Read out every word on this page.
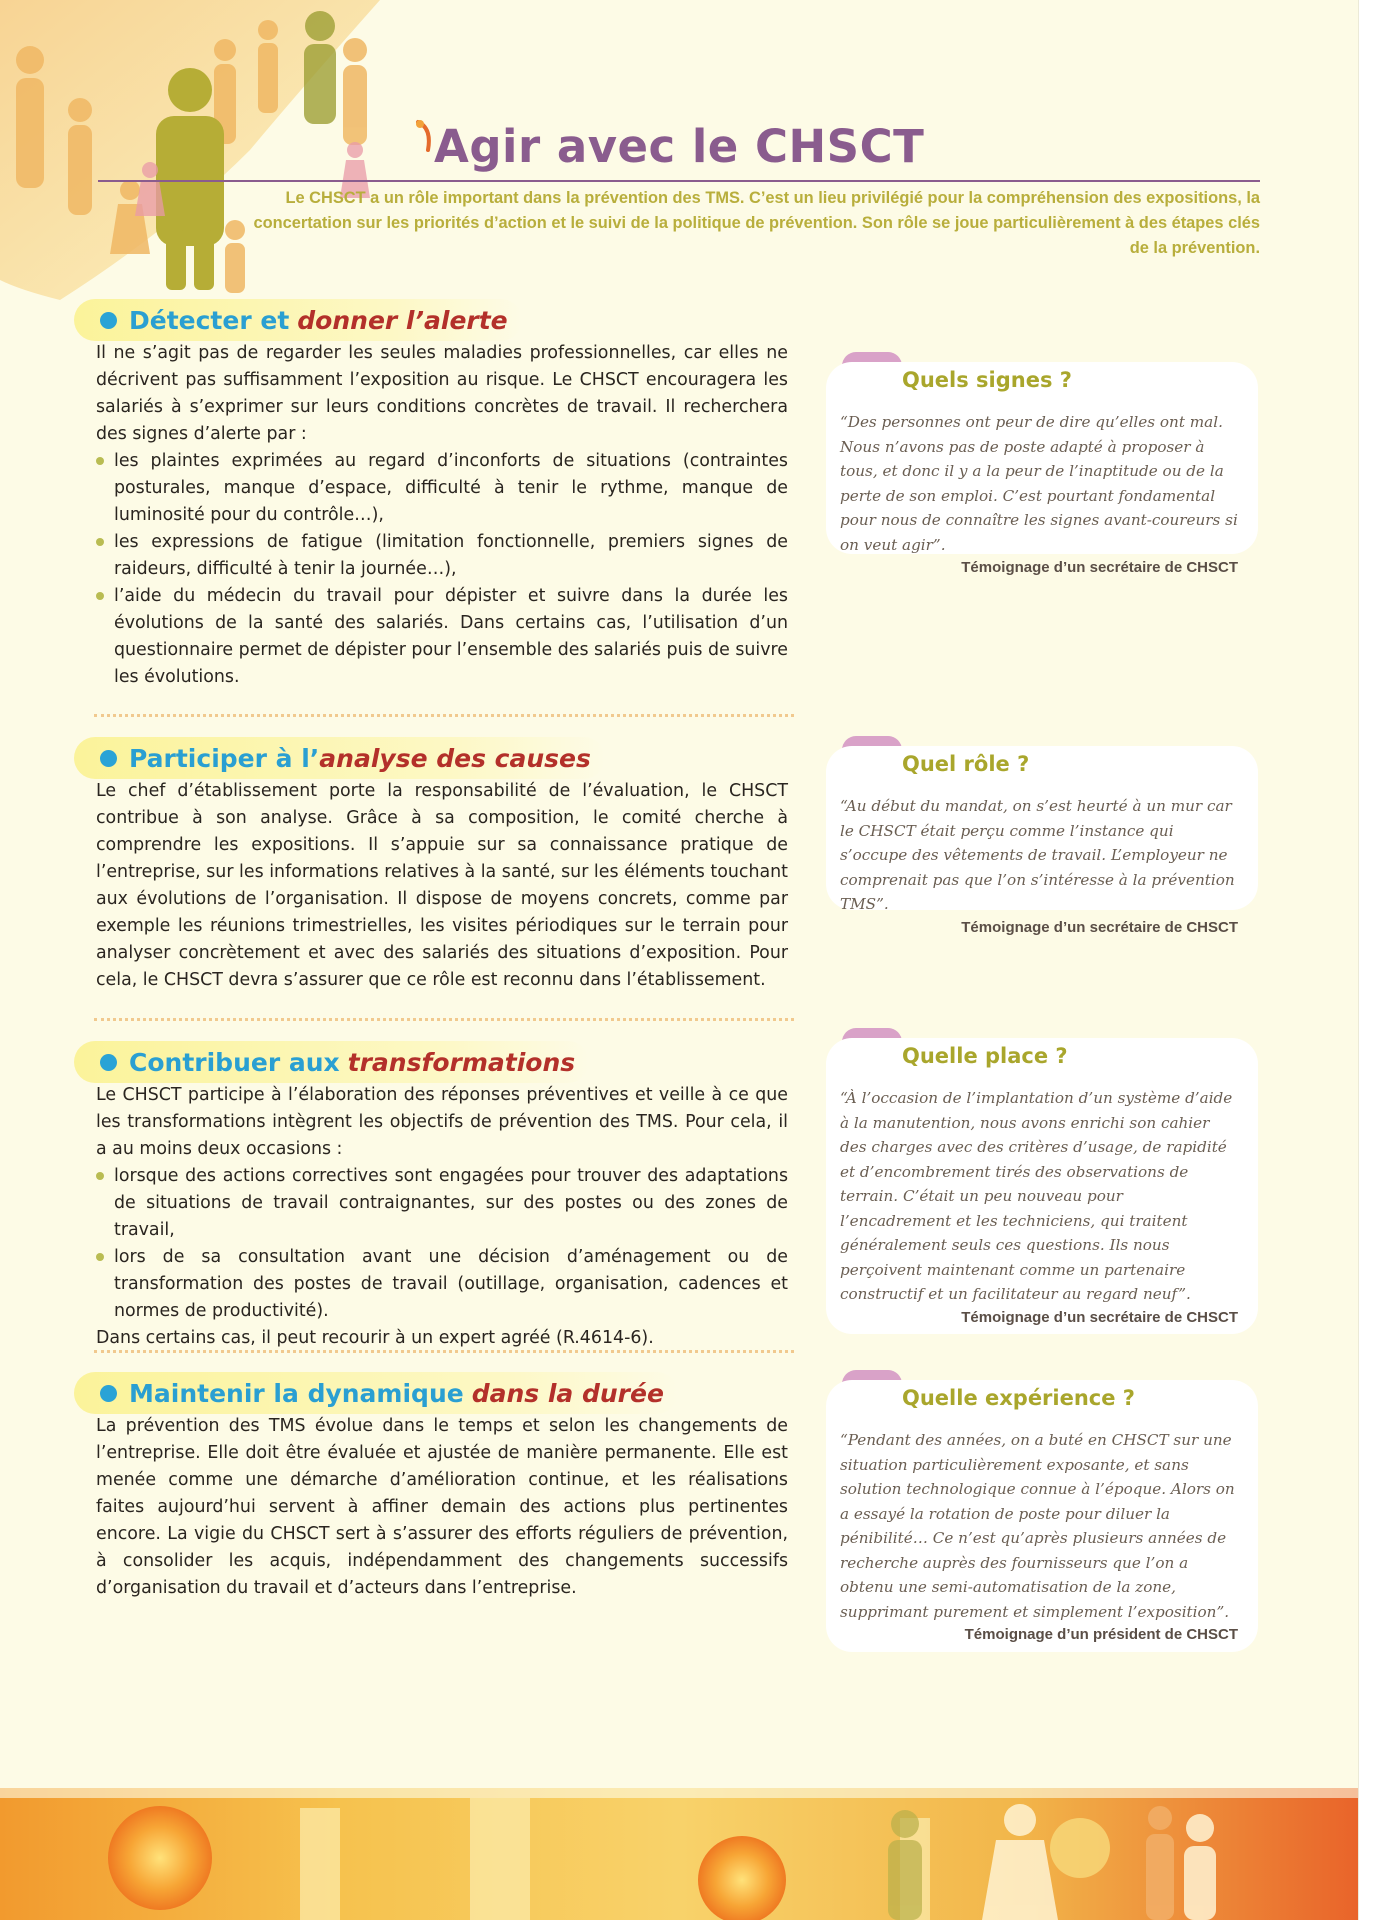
Agir avec le CHSCT

Le CHSCT a un rôle important dans la prévention des TMS. C’est un lieu privilégié pour la compréhension des expositions, la concertation sur les priorités d’action et le suivi de la politique de prévention. Son rôle se joue particulièrement à des étapes clés de la prévention.

Détecter et donner l’alerte

Il ne s’agit pas de regarder les seules maladies professionnelles, car elles ne décrivent pas suffisamment l’exposition au risque. Le CHSCT encouragera les salariés à s’exprimer sur leurs conditions concrètes de travail. Il recherchera des signes d’alerte par :

les plaintes exprimées au regard d’inconforts de situations (contraintes posturales, manque d’espace, difficulté à tenir le rythme, manque de luminosité pour du contrôle…),
les expressions de fatigue (limitation fonctionnelle, premiers signes de raideurs, difficulté à tenir la journée…),
l’aide du médecin du travail pour dépister et suivre dans la durée les évolutions de la santé des salariés. Dans certains cas, l’utilisation d’un questionnaire permet de dépister pour l’ensemble des salariés puis de suivre les évolutions.
Participer à l’ analyse des causes

Le chef d’établissement porte la responsabilité de l’évaluation, le CHSCT contribue à son analyse. Grâce à sa composition, le comité cherche à comprendre les expositions. Il s’appuie sur sa connaissance pratique de l’entreprise, sur les informations relatives à la santé, sur les éléments touchant aux évolutions de l’organisation. Il dispose de moyens concrets, comme par exemple les réunions trimestrielles, les visites périodiques sur le terrain pour analyser concrètement et avec des salariés des situations d’exposition. Pour cela, le CHSCT devra s’assurer que ce rôle est reconnu dans l’établissement.

Contribuer aux transformations

Le CHSCT participe à l’élaboration des réponses préventives et veille à ce que les transformations intègrent les objectifs de prévention des TMS. Pour cela, il a au moins deux occasions :

lorsque des actions correctives sont engagées pour trouver des adaptations de situations de travail contraignantes, sur des postes ou des zones de travail,
lors de sa consultation avant une décision d’aménagement ou de transformation des postes de travail (outillage, organisation, cadences et normes de productivité).

Dans certains cas, il peut recourir à un expert agréé (R.4614-6).

Maintenir la dynamique dans la durée

La prévention des TMS évolue dans le temps et selon les changements de l’entreprise. Elle doit être évaluée et ajustée de manière permanente. Elle est menée comme une démarche d’amélioration continue, et les réalisations faites aujourd’hui servent à affiner demain des actions plus pertinentes encore. La vigie du CHSCT sert à s’assurer des efforts réguliers de prévention, à consolider les acquis, indépendamment des changements successifs d’organisation du travail et d’acteurs dans l’entreprise.

“Des personnes ont peur de dire qu’elles ont mal. Nous n’avons pas de poste adapté à proposer à tous, et donc il y a la peur de l’inaptitude ou de la perte de son emploi. C’est pourtant fondamental pour nous de connaître les signes avant-coureurs si on veut agir”.

Témoignage d’un secrétaire de CHSCT

Quels signes ?

“Au début du mandat, on s’est heurté à un mur car le CHSCT était perçu comme l’instance qui s’occupe des vêtements de travail. L’employeur ne comprenait pas que l’on s’intéresse à la prévention TMS”.

Témoignage d’un secrétaire de CHSCT

Quel rôle ?

“À l’occasion de l’implantation d’un système d’aide à la manutention, nous avons enrichi son cahier des charges avec des critères d’usage, de rapidité et d’encombrement tirés des observations de terrain. C’était un peu nouveau pour l’encadrement et les techniciens, qui traitent généralement seuls ces questions. Ils nous perçoivent maintenant comme un partenaire constructif et un facilitateur au regard neuf”.

Témoignage d’un secrétaire de CHSCT

Quelle place ?

“Pendant des années, on a buté en CHSCT sur une situation particulièrement exposante, et sans solution technologique connue à l’époque. Alors on a essayé la rotation de poste pour diluer la pénibilité… Ce n’est qu’après plusieurs années de recherche auprès des fournisseurs que l’on a obtenu une semi-automatisation de la zone, supprimant purement et simplement l’exposition”.

Témoignage d’un président de CHSCT

Quelle expérience ?
